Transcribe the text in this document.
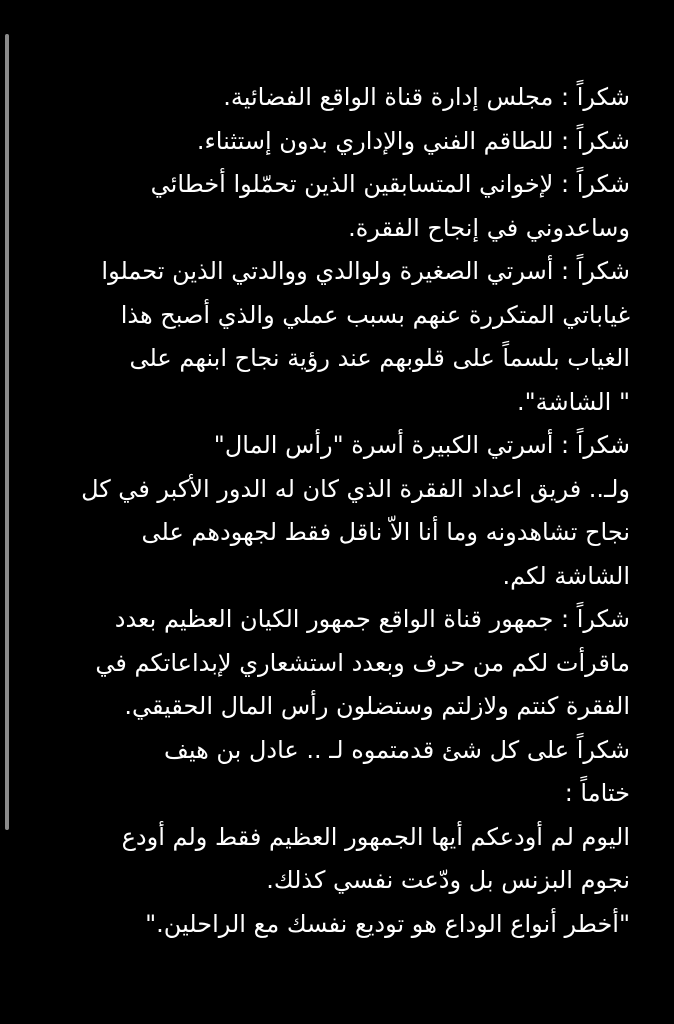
شكراً : مجلس إدارة قناة الواقع الفضائية.
شكراً : للطاقم الفني والإداري بدون إستثناء.
شكراً : لإخواني المتسابقين الذين تحمّلوا أخطائي
وساعدوني في إنجاح الفقرة.
شكراً : أسرتي الصغيرة ولوالدي ووالدتي الذين تحملوا
غياباتي المتكررة عنهم بسبب عملي والذي أصبح هذا
الغياب بلسماً على قلوبهم عند رؤية نجاح ابنهم على
" الشاشة".
شكراً : أسرتي الكبيرة أسرة "رأس المال"
ولـ.. فريق اعداد الفقرة الذي كان له الدور الأكبر في كل
نجاح تشاهدونه وما أنا الاّ ناقل فقط لجهودهم على
الشاشة لكم.
شكراً : جمهور قناة الواقع جمهور الكيان العظيم بعدد
ماقرأت لكم من حرف وبعدد استشعاري لإبداعاتكم في
الفقرة كنتم ولازلتم وستضلون رأس المال الحقيقي.
شكراً على كل شئ قدمتموه لـ .. عادل بن هيف
ختاماً :
اليوم لم أودعكم أيها الجمهور العظيم فقط ولم أودع
نجوم البزنس بل ودّعت نفسي كذلك.
"أخطر أنواع الوداع هو توديع نفسك مع الراحلين."
